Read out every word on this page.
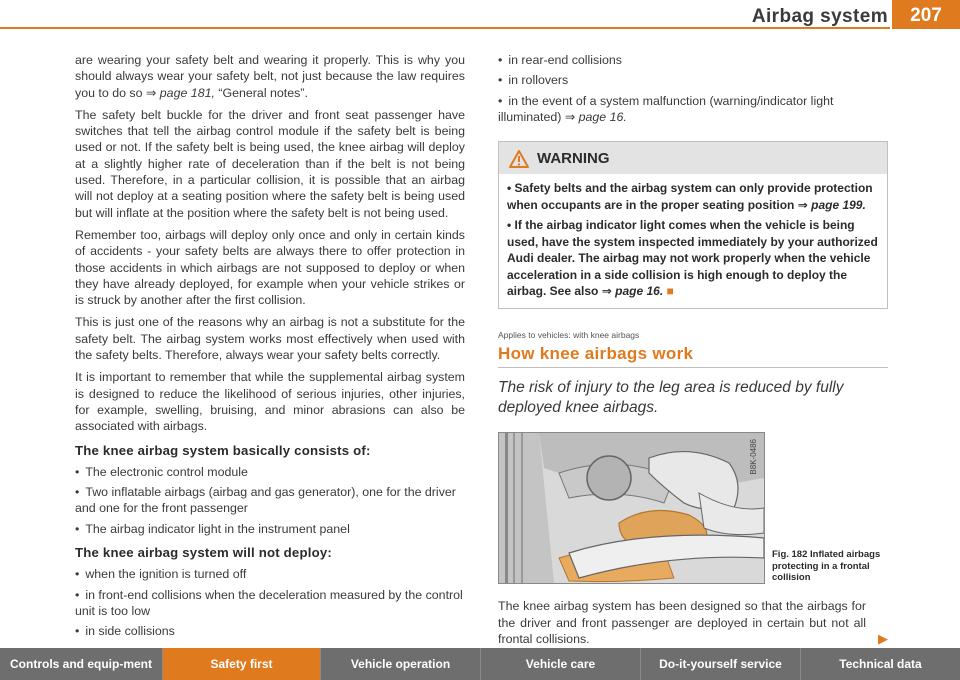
Airbag system	207

are wearing your safety belt and wearing it properly. This is why you should always wear your safety belt, not just because the law requires you to do so ⇒ page 181, “General notes”.

The safety belt buckle for the driver and front seat passenger have switches that tell the airbag control module if the safety belt is being used or not. If the safety belt is being used, the knee airbag will deploy at a slightly higher rate of deceleration than if the belt is not being used. Therefore, in a particular collision, it is possible that an airbag will not deploy at a seating position where the safety belt is being used but will inflate at the position where the safety belt is not being used.

Remember too, airbags will deploy only once and only in certain kinds of accidents - your safety belts are always there to offer protection in those accidents in which airbags are not supposed to deploy or when they have already deployed, for example when your vehicle strikes or is struck by another after the first collision.

This is just one of the reasons why an airbag is not a substitute for the safety belt. The airbag system works most effectively when used with the safety belts. Therefore, always wear your safety belts correctly.

It is important to remember that while the supplemental airbag system is designed to reduce the likelihood of serious injuries, other injuries, for example, swelling, bruising, and minor abrasions can also be associated with airbags.

The knee airbag system basically consists of:
• The electronic control module
• Two inflatable airbags (airbag and gas generator), one for the driver and one for the front passenger
• The airbag indicator light in the instrument panel
The knee airbag system will not deploy:
• when the ignition is turned off
• in front-end collisions when the deceleration measured by the control unit is too low
• in side collisions
• in rear-end collisions
• in rollovers
• in the event of a system malfunction (warning/indicator light illuminated) ⇒ page 16.
WARNING
• Safety belts and the airbag system can only provide protection when occupants are in the proper seating position ⇒ page 199.
• If the airbag indicator light comes when the vehicle is being used, have the system inspected immediately by your authorized Audi dealer. The airbag may not work properly when the vehicle acceleration in a side collision is high enough to deploy the airbag. See also ⇒ page 16. ■
Applies to vehicles: with knee airbags
How knee airbags work
The risk of injury to the leg area is reduced by fully deployed knee airbags.
B8K-0486
Fig. 182 Inflated airbags protecting in a frontal collision

The knee airbag system has been designed so that the airbags for the driver and front passenger are deployed in certain but not all frontal collisions.	▶

Controls and equip-ment	Safety first	Vehicle operation	Vehicle care	Do-it-yourself service	Technical data
